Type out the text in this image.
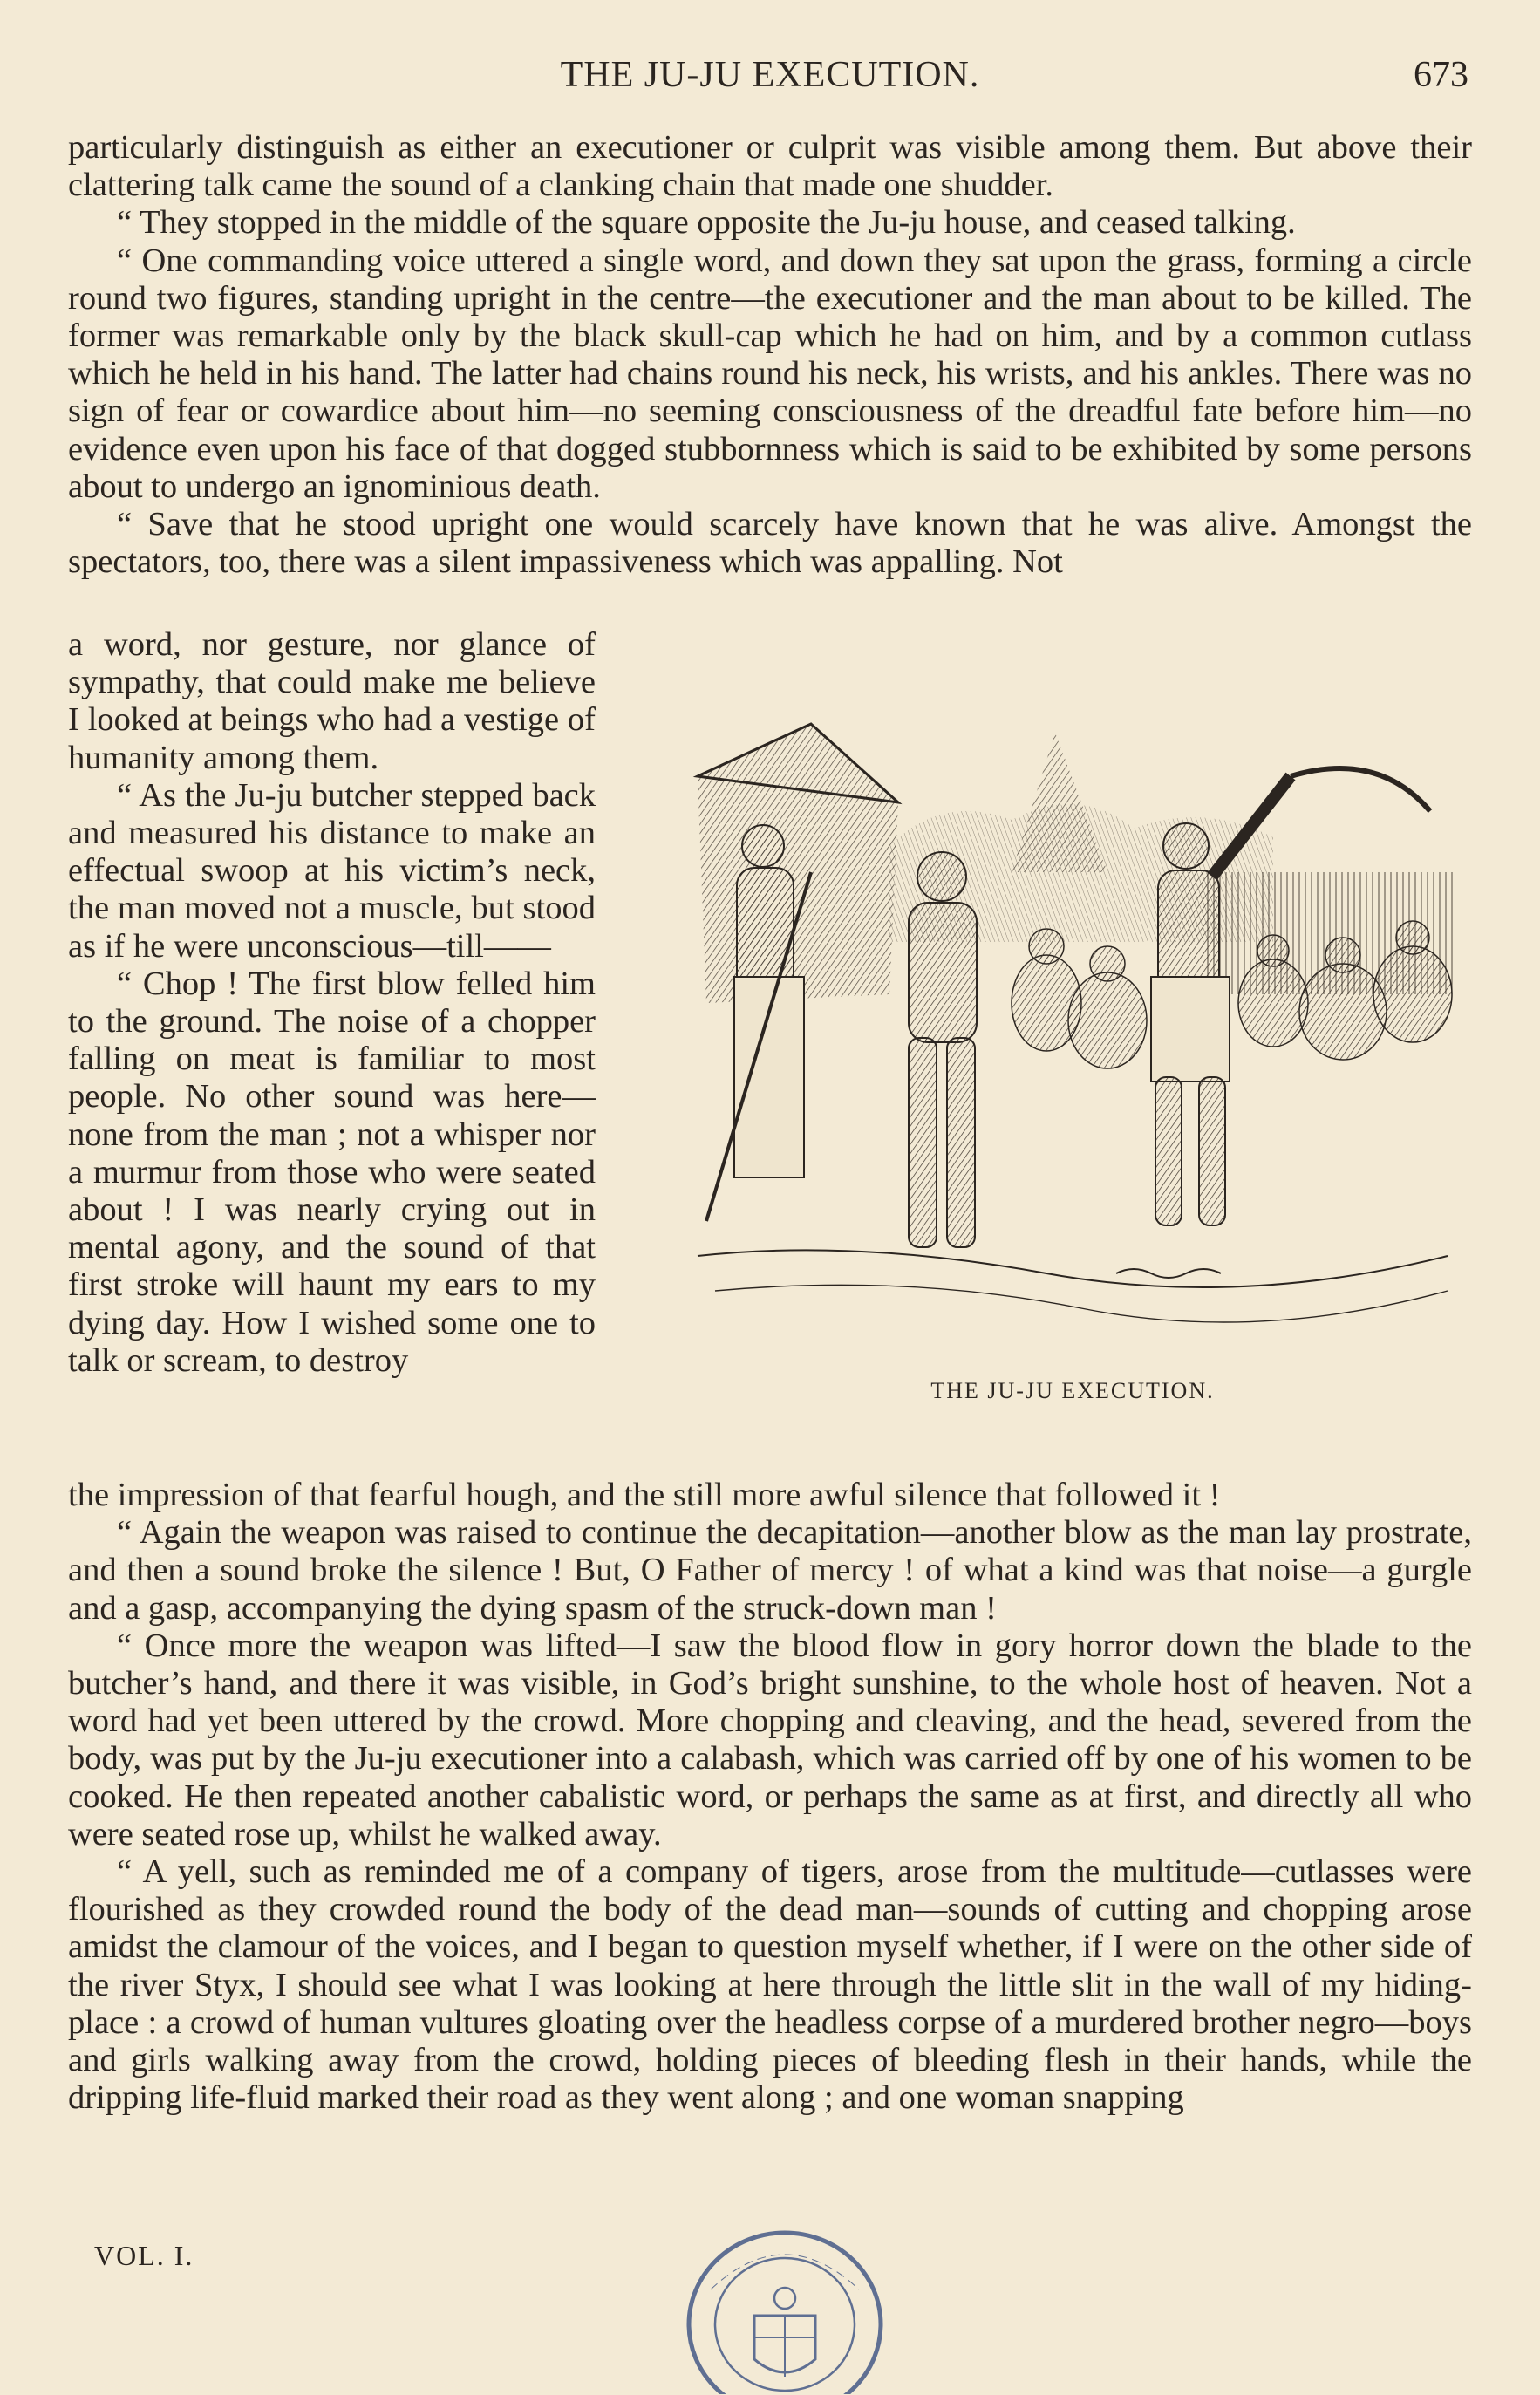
THE JU-JU EXECUTION.	673

particularly distinguish as either an executioner or culprit was visible among them. But above their clattering talk came the sound of a clanking chain that made one shudder.

“ They stopped in the middle of the square opposite the Ju-ju house, and ceased talking.

“ One commanding voice uttered a single word, and down they sat upon the grass, forming a circle round two figures, standing upright in the centre—the executioner and the man about to be killed. The former was remarkable only by the black skull-cap which he had on him, and by a common cutlass which he held in his hand. The latter had chains round his neck, his wrists, and his ankles. There was no sign of fear or cowardice about him—no seeming consciousness of the dreadful fate before him—no evidence even upon his face of that dogged stubbornness which is said to be exhibited by some persons about to undergo an ignominious death.

“ Save that he stood upright one would scarcely have known that he was alive. Amongst the spectators, too, there was a silent impassiveness which was appalling. Not

a word, nor gesture, nor glance of sympathy, that could make me believe I looked at beings who had a vestige of humanity among them.

“ As the Ju-ju butcher stepped back and measured his distance to make an effectual swoop at his victim’s neck, the man moved not a muscle, but stood as if he were unconscious—till——

“ Chop ! The first blow felled him to the ground. The noise of a chopper falling on meat is familiar to most people. No other sound was here—none from the man ; not a whisper nor a murmur from those who were seated about ! I was nearly crying out in mental agony, and the sound of that first stroke will haunt my ears to my dying day. How I wished some one to talk or scream, to destroy

THE JU-JU EXECUTION.

the impression of that fearful hough, and the still more awful silence that followed it !

“ Again the weapon was raised to continue the decapitation—another blow as the man lay prostrate, and then a sound broke the silence ! But, O Father of mercy ! of what a kind was that noise—a gurgle and a gasp, accompanying the dying spasm of the struck-down man !

“ Once more the weapon was lifted—I saw the blood flow in gory horror down the blade to the butcher’s hand, and there it was visible, in God’s bright sunshine, to the whole host of heaven. Not a word had yet been uttered by the crowd. More chopping and cleaving, and the head, severed from the body, was put by the Ju-ju executioner into a calabash, which was carried off by one of his women to be cooked. He then repeated another cabalistic word, or perhaps the same as at first, and directly all who were seated rose up, whilst he walked away.

“ A yell, such as reminded me of a company of tigers, arose from the multitude—cutlasses were flourished as they crowded round the body of the dead man—sounds of cutting and chopping arose amidst the clamour of the voices, and I began to question myself whether, if I were on the other side of the river Styx, I should see what I was looking at here through the little slit in the wall of my hiding-place : a crowd of human vultures gloating over the headless corpse of a murdered brother negro—boys and girls walking away from the crowd, holding pieces of bleeding flesh in their hands, while the dripping life-fluid marked their road as they went along ; and one woman snapping

VOL. I.
